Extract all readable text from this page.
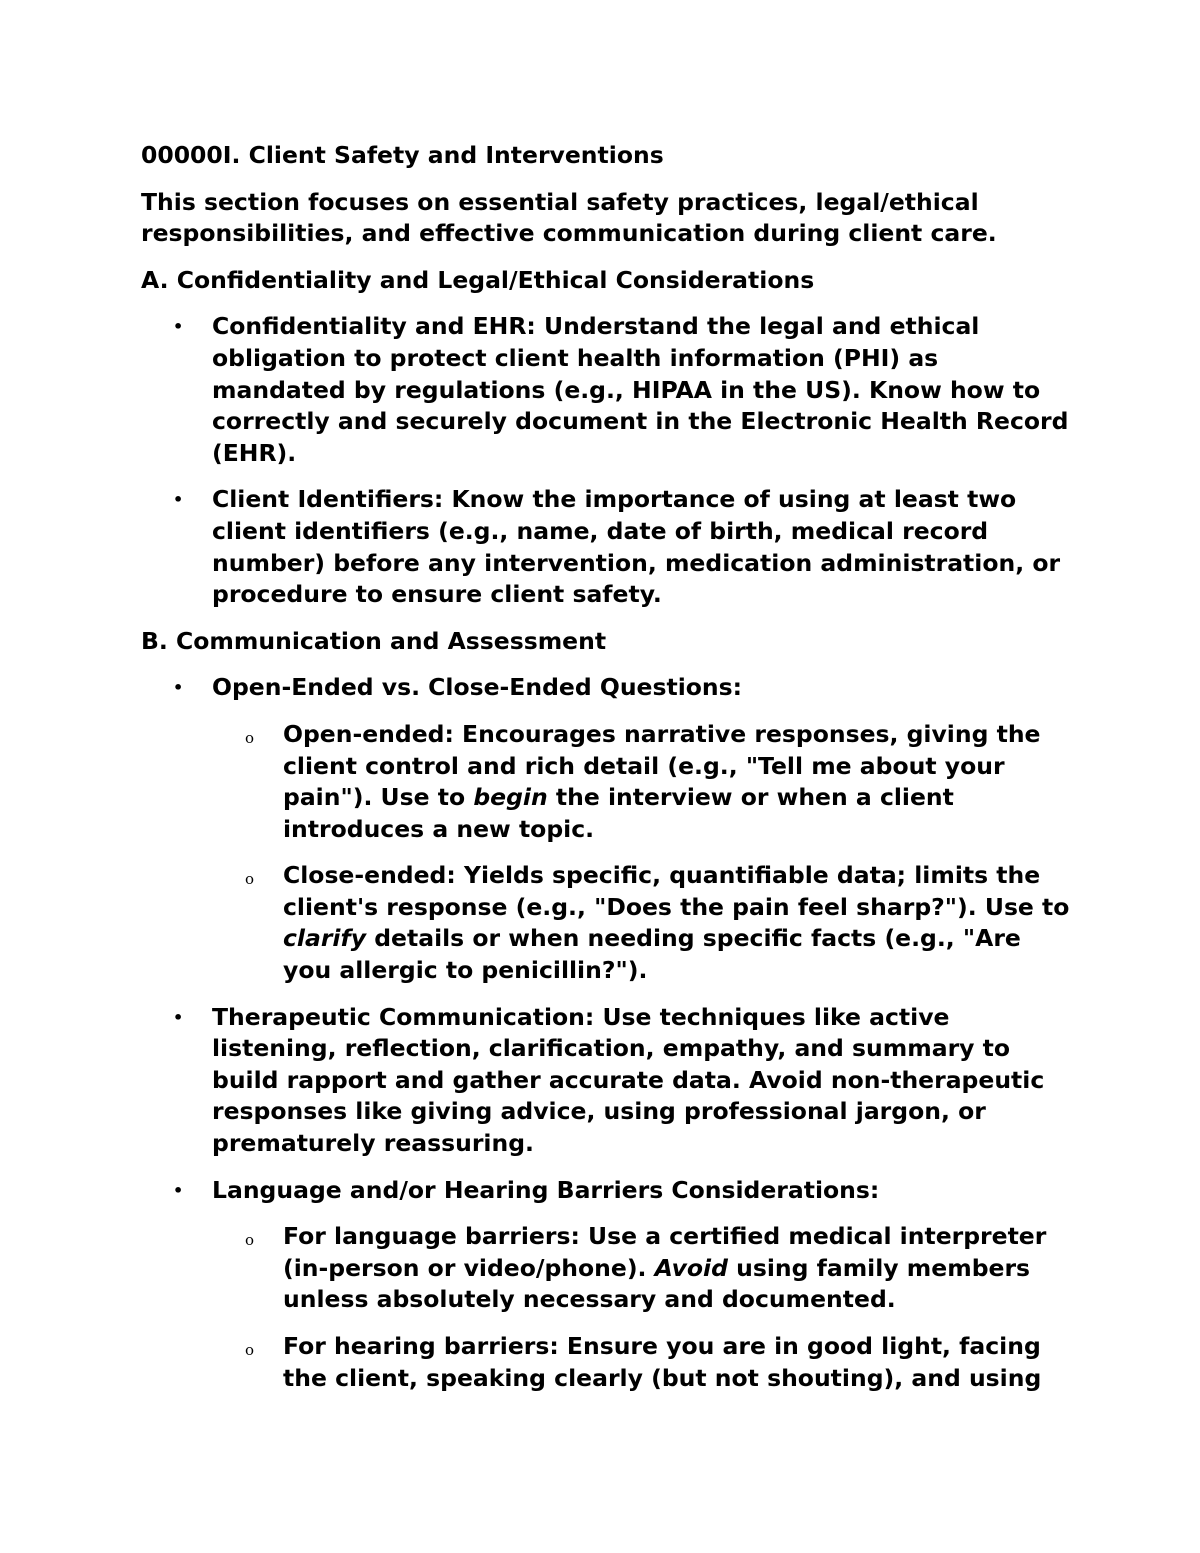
00000I. Client Safety and Interventions
This section focuses on essential safety practices, legal/ethical responsibilities, and effective communication during client care.
A. Confidentiality and Legal/Ethical Considerations
• Confidentiality and EHR: Understand the legal and ethical obligation to protect client health information (PHI) as mandated by regulations (e.g., HIPAA in the US). Know how to correctly and securely document in the Electronic Health Record (EHR).
• Client Identifiers: Know the importance of using at least two client identifiers (e.g., name, date of birth, medical record number) before any intervention, medication administration, or procedure to ensure client safety.
B. Communication and Assessment
• Open-Ended vs. Close-Ended Questions:
o Open-ended: Encourages narrative responses, giving the client control and rich detail (e.g., "Tell me about your pain"). Use to begin the interview or when a client introduces a new topic.
o Close-ended: Yields specific, quantifiable data; limits the client's response (e.g., "Does the pain feel sharp?"). Use to clarify details or when needing specific facts (e.g., "Are you allergic to penicillin?").
• Therapeutic Communication: Use techniques like active listening, reflection, clarification, empathy, and summary to build rapport and gather accurate data. Avoid non-therapeutic responses like giving advice, using professional jargon, or prematurely reassuring.
• Language and/or Hearing Barriers Considerations:
o For language barriers: Use a certified medical interpreter (in-person or video/phone). Avoid using family members unless absolutely necessary and documented.
o For hearing barriers: Ensure you are in good light, facing the client, speaking clearly (but not shouting), and using
